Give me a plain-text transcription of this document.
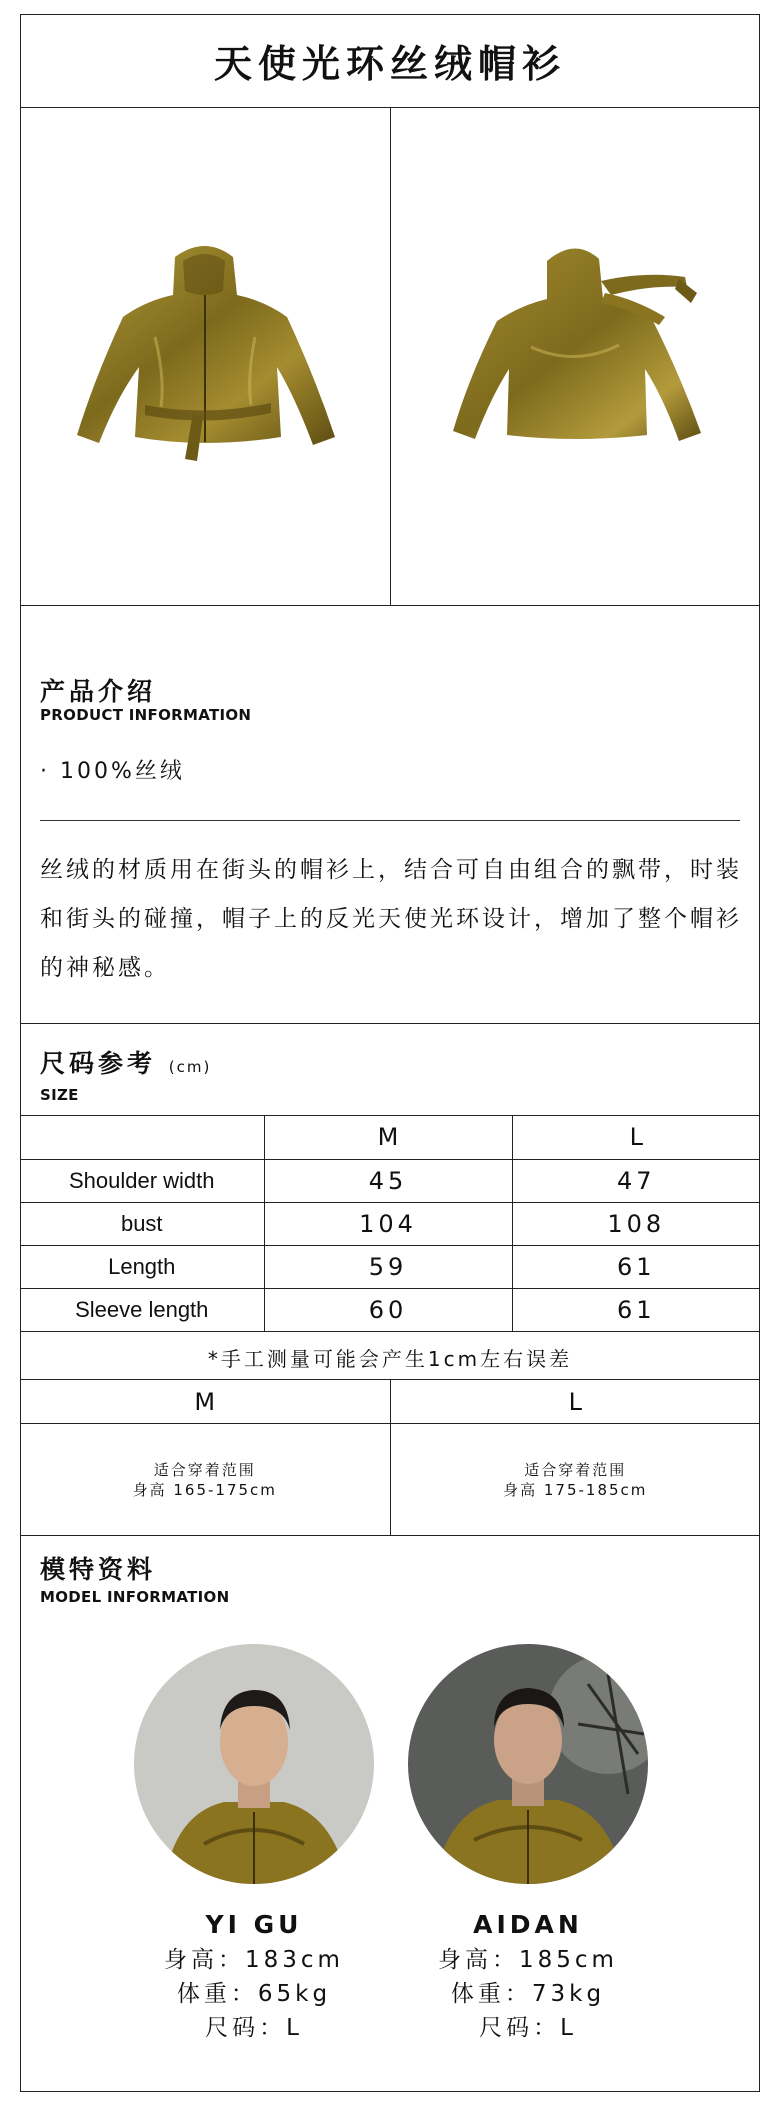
天使光环丝绒帽衫
产品介绍
PRODUCT INFORMATION
· 100%丝绒
丝绒的材质用在街头的帽衫上，结合可自由组合的飘带，时装和街头的碰撞，帽子上的反光天使光环设计，增加了整个帽衫的神秘感。
尺码参考 (cm)
SIZE
	M	L
Shoulder width	45	47
bust	104	108
Length	59	61
Sleeve length	60	61
*手工测量可能会产生1cm左右误差
M
适合穿着范围
身高 165-175cm
L
适合穿着范围
身高 175-185cm
模特资料
MODEL INFORMATION
YI GU
身高：183cm
体重：65kg
尺码：L
AIDAN
身高：185cm
体重：73kg
尺码：L
